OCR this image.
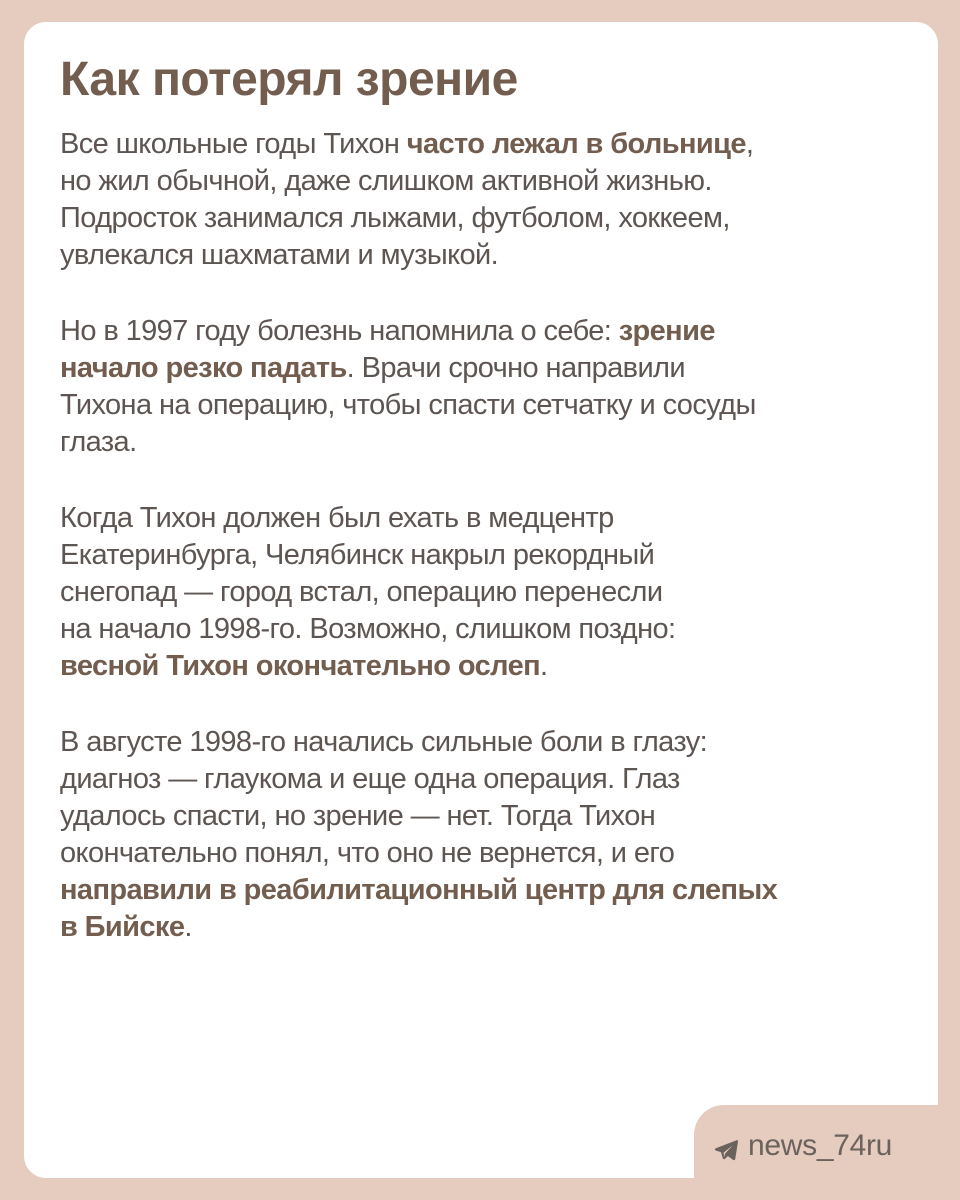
Как потерял зрение

Все школьные годы Тихон часто лежал в больнице,
но жил обычной, даже слишком активной жизнью.
Подросток занимался лыжами, футболом, хоккеем,
увлекался шахматами и музыкой.

Но в 1997 году болезнь напомнила о себе: зрение
начало резко падать. Врачи срочно направили
Тихона на операцию, чтобы спасти сетчатку и сосуды
глаза.

Когда Тихон должен был ехать в медцентр
Екатеринбурга, Челябинск накрыл рекордный
снегопад — город встал, операцию перенесли
на начало 1998-го. Возможно, слишком поздно:
весной Тихон окончательно ослеп.

В августе 1998-го начались сильные боли в глазу:
диагноз — глаукома и еще одна операция. Глаз
удалось спасти, но зрение — нет. Тогда Тихон
окончательно понял, что оно не вернется, и его
направили в реабилитационный центр для слепых
в Бийске.

news_74ru
